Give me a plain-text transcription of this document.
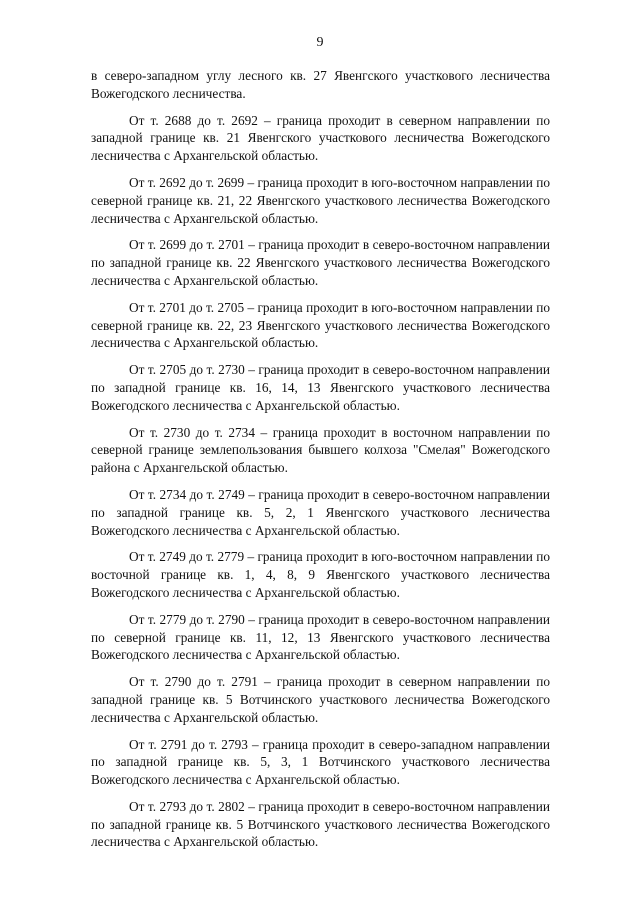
9

в северо-западном углу лесного кв. 27 Явенгского участкового лесничества Вожегодского лесничества.

От т. 2688 до т. 2692 – граница проходит в северном направлении по западной границе кв. 21 Явенгского участкового лесничества Вожегодского лесничества с Архангельской областью.

От т. 2692 до т. 2699 – граница проходит в юго-восточном направлении по северной границе кв. 21, 22 Явенгского участкового лесничества Вожегодского лесничества с Архангельской областью.

От т. 2699 до т. 2701 – граница проходит в северо-восточном направлении по западной границе кв. 22 Явенгского участкового лесничества Вожегодского лесничества с Архангельской областью.

От т. 2701 до т. 2705 – граница проходит в юго-восточном направлении по северной границе кв. 22, 23 Явенгского участкового лесничества Вожегодского лесничества с Архангельской областью.

От т. 2705 до т. 2730 – граница проходит в северо-восточном направлении по западной границе кв. 16, 14, 13 Явенгского участкового лесничества Вожегодского лесничества с Архангельской областью.

От т. 2730 до т. 2734 – граница проходит в восточном направлении по северной границе землепользования бывшего колхоза "Смелая" Вожегодского района с Архангельской областью.

От т. 2734 до т. 2749 – граница проходит в северо-восточном направлении по западной границе кв. 5, 2, 1 Явенгского участкового лесничества Вожегодского лесничества с Архангельской областью.

От т. 2749 до т. 2779 – граница проходит в юго-восточном направлении по восточной границе кв. 1, 4, 8, 9 Явенгского участкового лесничества Вожегодского лесничества с Архангельской областью.

От т. 2779 до т. 2790 – граница проходит в северо-восточном направлении по северной границе кв. 11, 12, 13 Явенгского участкового лесничества Вожегодского лесничества с Архангельской областью.

От т. 2790 до т. 2791 – граница проходит в северном направлении по западной границе кв. 5 Вотчинского участкового лесничества Вожегодского лесничества с Архангельской областью.

От т. 2791 до т. 2793 – граница проходит в северо-западном направлении по западной границе кв. 5, 3, 1 Вотчинского участкового лесничества Вожегодского лесничества с Архангельской областью.

От т. 2793 до т. 2802 – граница проходит в северо-восточном направлении по западной границе кв. 5 Вотчинского участкового лесничества Вожегодского лесничества с Архангельской областью.
